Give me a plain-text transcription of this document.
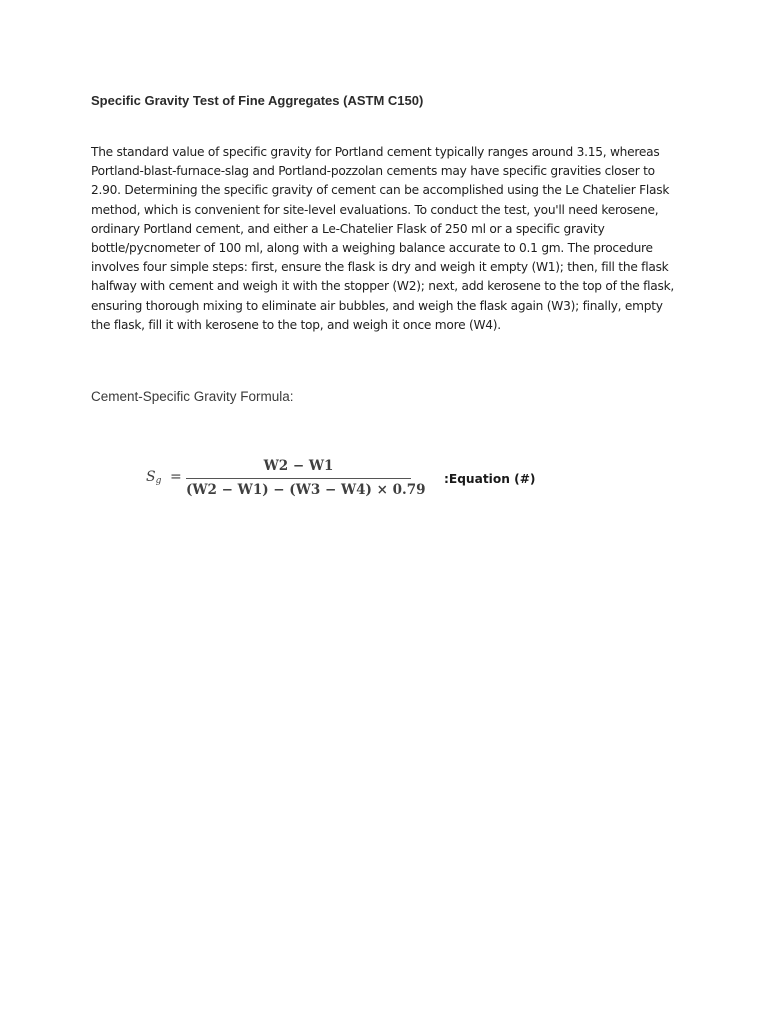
Specific Gravity Test of Fine Aggregates (ASTM C150)

The standard value of specific gravity for Portland cement typically ranges around 3.15, whereas Portland-blast-furnace-slag and Portland-pozzolan cements may have specific gravities closer to 2.90. Determining the specific gravity of cement can be accomplished using the Le Chatelier Flask method, which is convenient for site-level evaluations. To conduct the test, you'll need kerosene, ordinary Portland cement, and either a Le-Chatelier Flask of 250 ml or a specific gravity bottle/pycnometer of 100 ml, along with a weighing balance accurate to 0.1 gm. The procedure involves four simple steps: first, ensure the flask is dry and weigh it empty (W1); then, fill the flask halfway with cement and weigh it with the stopper (W2); next, add kerosene to the top of the flask, ensuring thorough mixing to eliminate air bubbles, and weigh the flask again (W3); finally, empty the flask, fill it with kerosene to the top, and weigh it once more (W4).

Cement-Specific Gravity Formula:

$S_g$ =
W2 − W1
(W2 − W1) − (W3 − W4) × 0.79
:Equation (#)
